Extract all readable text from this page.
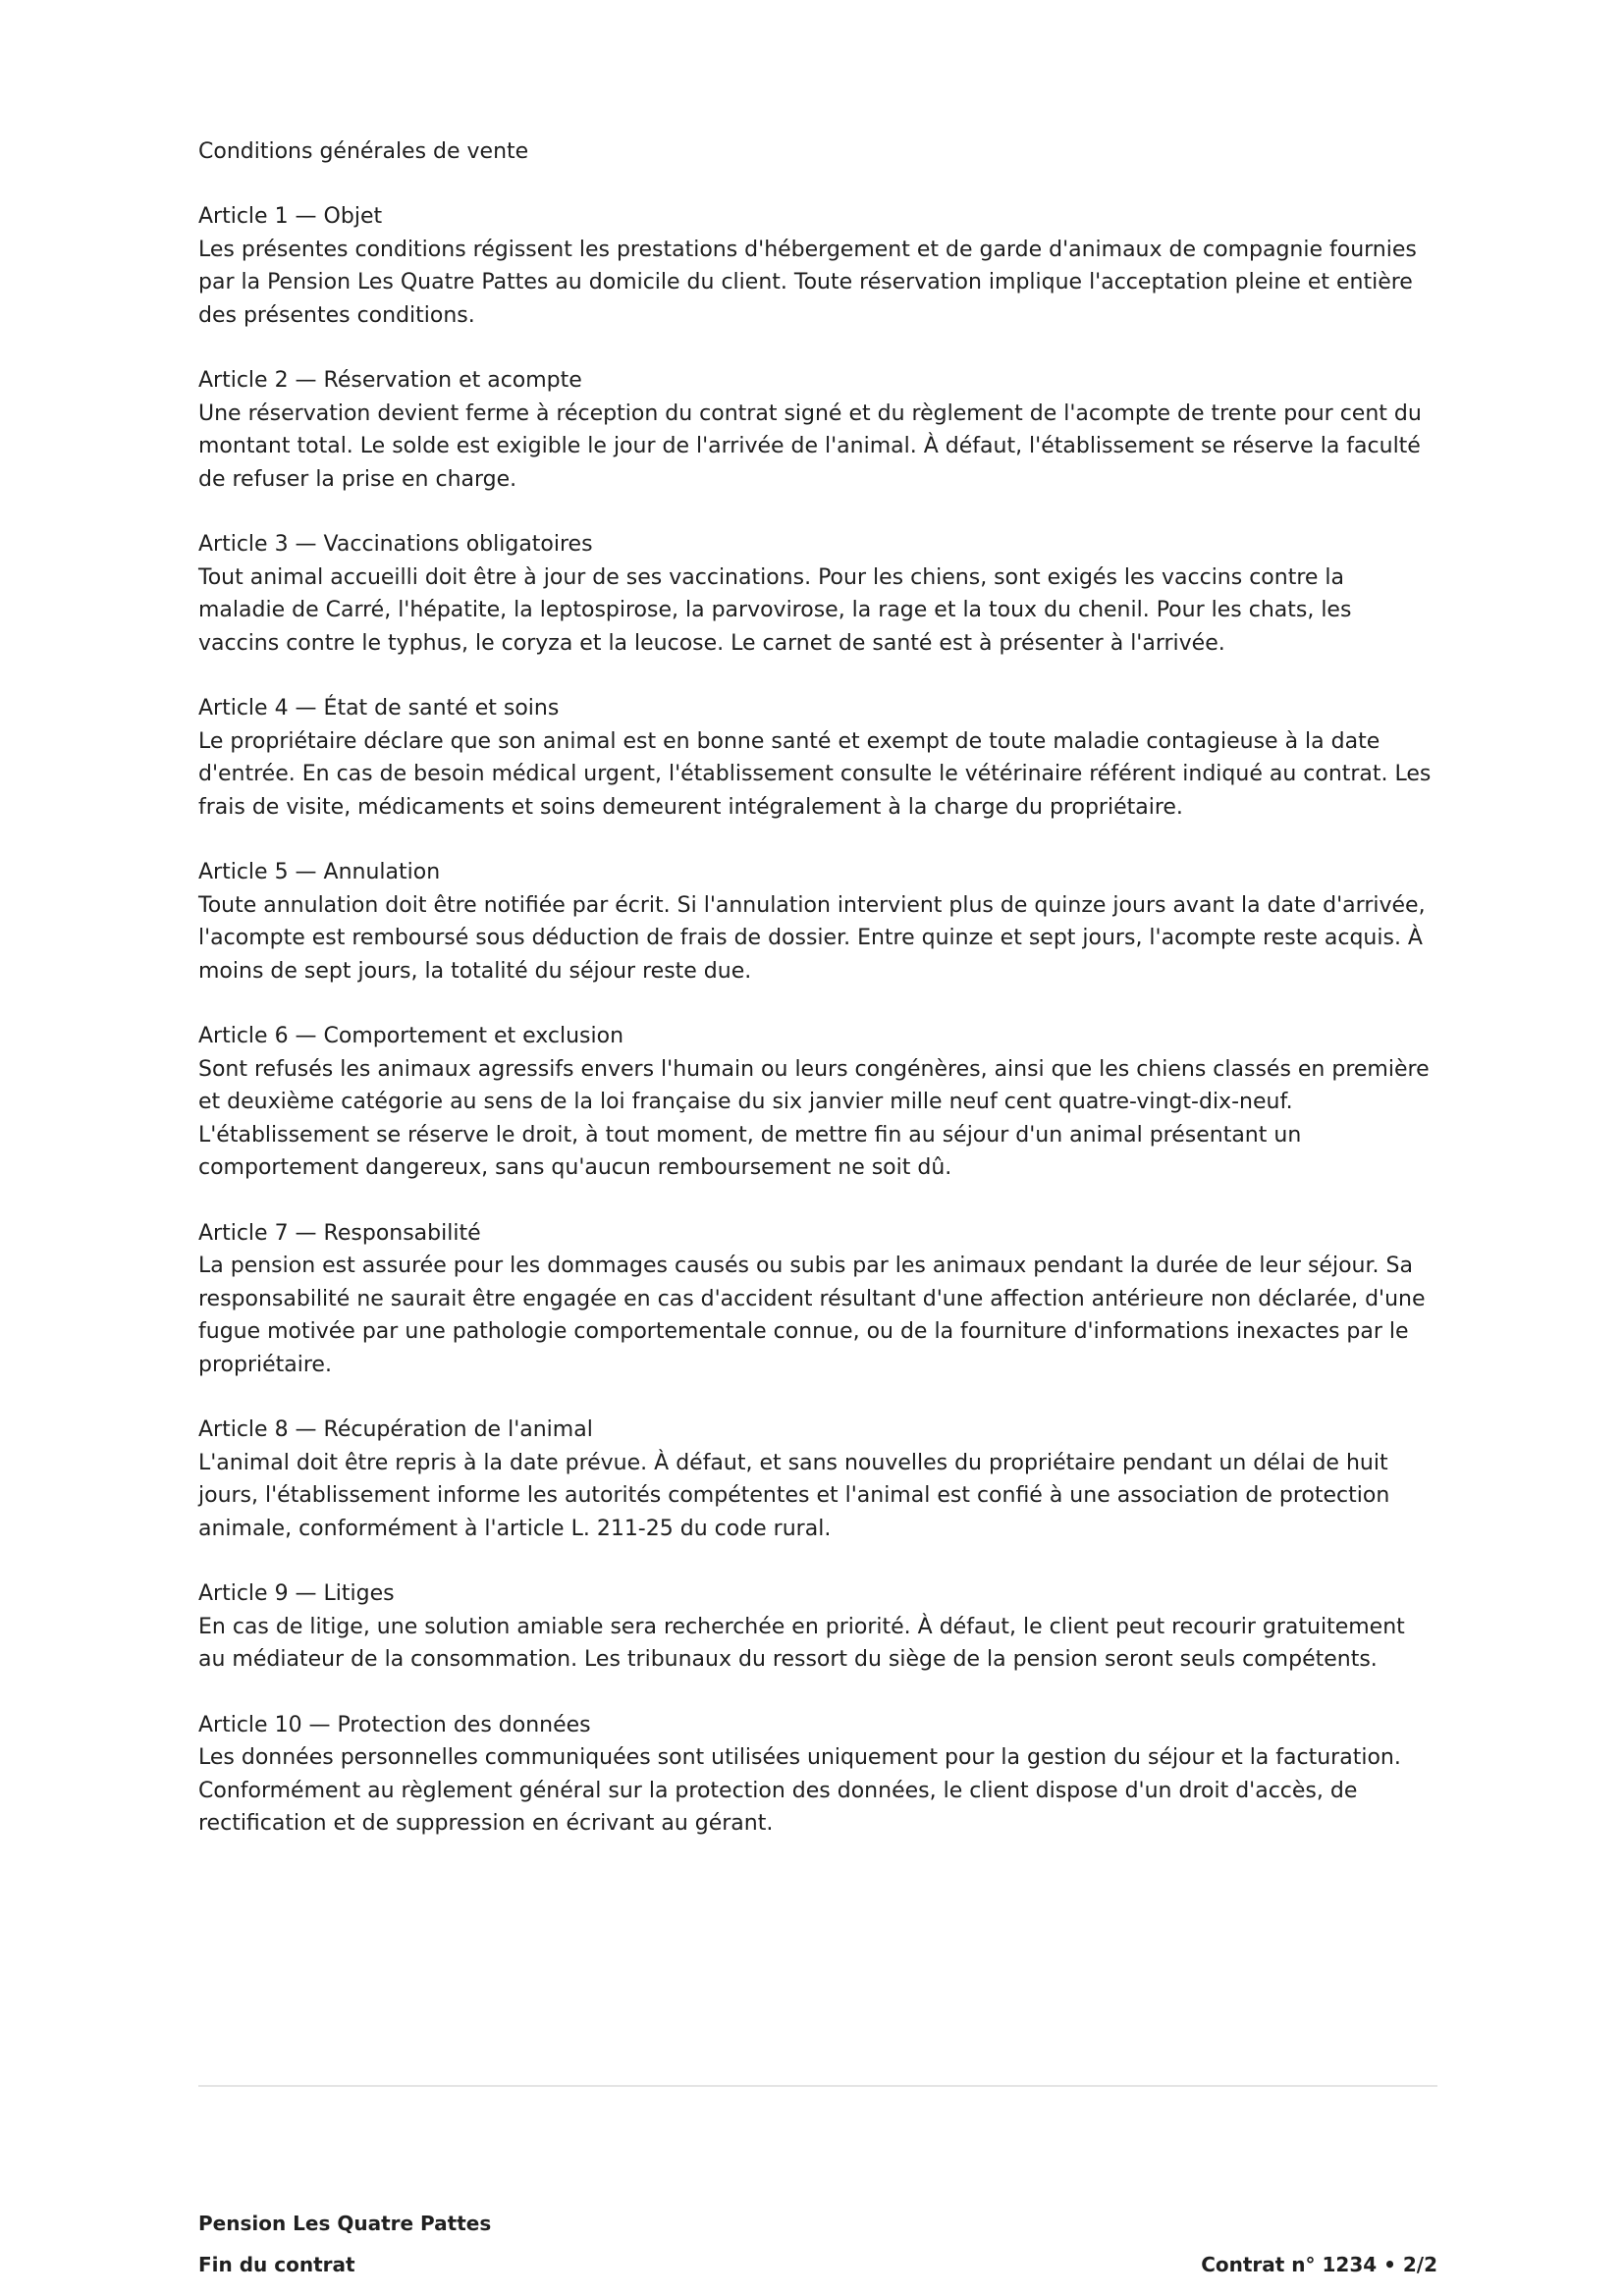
Conditions générales de vente
Article 1 — Objet

Les présentes conditions régissent les prestations d'hébergement et de garde d'animaux de compagnie fournies par la Pension Les Quatre Pattes au domicile du client. Toute réservation implique l'acceptation pleine et entière des présentes conditions.

Article 2 — Réservation et acompte

Une réservation devient ferme à réception du contrat signé et du règlement de l'acompte de trente pour cent du montant total. Le solde est exigible le jour de l'arrivée de l'animal. À défaut, l'établissement se réserve la faculté de refuser la prise en charge.

Article 3 — Vaccinations obligatoires

Tout animal accueilli doit être à jour de ses vaccinations. Pour les chiens, sont exigés les vaccins contre la maladie de Carré, l'hépatite, la leptospirose, la parvovirose, la rage et la toux du chenil. Pour les chats, les vaccins contre le typhus, le coryza et la leucose. Le carnet de santé est à présenter à l'arrivée.

Article 4 — État de santé et soins

Le propriétaire déclare que son animal est en bonne santé et exempt de toute maladie contagieuse à la date d'entrée. En cas de besoin médical urgent, l'établissement consulte le vétérinaire référent indiqué au contrat. Les frais de visite, médicaments et soins demeurent intégralement à la charge du propriétaire.

Article 5 — Annulation

Toute annulation doit être notifiée par écrit. Si l'annulation intervient plus de quinze jours avant la date d'arrivée, l'acompte est remboursé sous déduction de frais de dossier. Entre quinze et sept jours, l'acompte reste acquis. À moins de sept jours, la totalité du séjour reste due.

Article 6 — Comportement et exclusion

Sont refusés les animaux agressifs envers l'humain ou leurs congénères, ainsi que les chiens classés en première et deuxième catégorie au sens de la loi française du six janvier mille neuf cent quatre-vingt-dix-neuf. L'établissement se réserve le droit, à tout moment, de mettre fin au séjour d'un animal présentant un comportement dangereux, sans qu'aucun remboursement ne soit dû.

Article 7 — Responsabilité

La pension est assurée pour les dommages causés ou subis par les animaux pendant la durée de leur séjour. Sa responsabilité ne saurait être engagée en cas d'accident résultant d'une affection antérieure non déclarée, d'une fugue motivée par une pathologie comportementale connue, ou de la fourniture d'informations inexactes par le propriétaire.

Article 8 — Récupération de l'animal

L'animal doit être repris à la date prévue. À défaut, et sans nouvelles du propriétaire pendant un délai de huit jours, l'établissement informe les autorités compétentes et l'animal est confié à une association de protection animale, conformément à l'article L. 211-25 du code rural.

Article 9 — Litiges

En cas de litige, une solution amiable sera recherchée en priorité. À défaut, le client peut recourir gratuitement au médiateur de la consommation. Les tribunaux du ressort du siège de la pension seront seuls compétents.

Article 10 — Protection des données

Les données personnelles communiquées sont utilisées uniquement pour la gestion du séjour et la facturation. Conformément au règlement général sur la protection des données, le client dispose d'un droit d'accès, de rectification et de suppression en écrivant au gérant.

Pension Les Quatre Pattes
Fin du contrat	Contrat n° 1234 • 2/2
